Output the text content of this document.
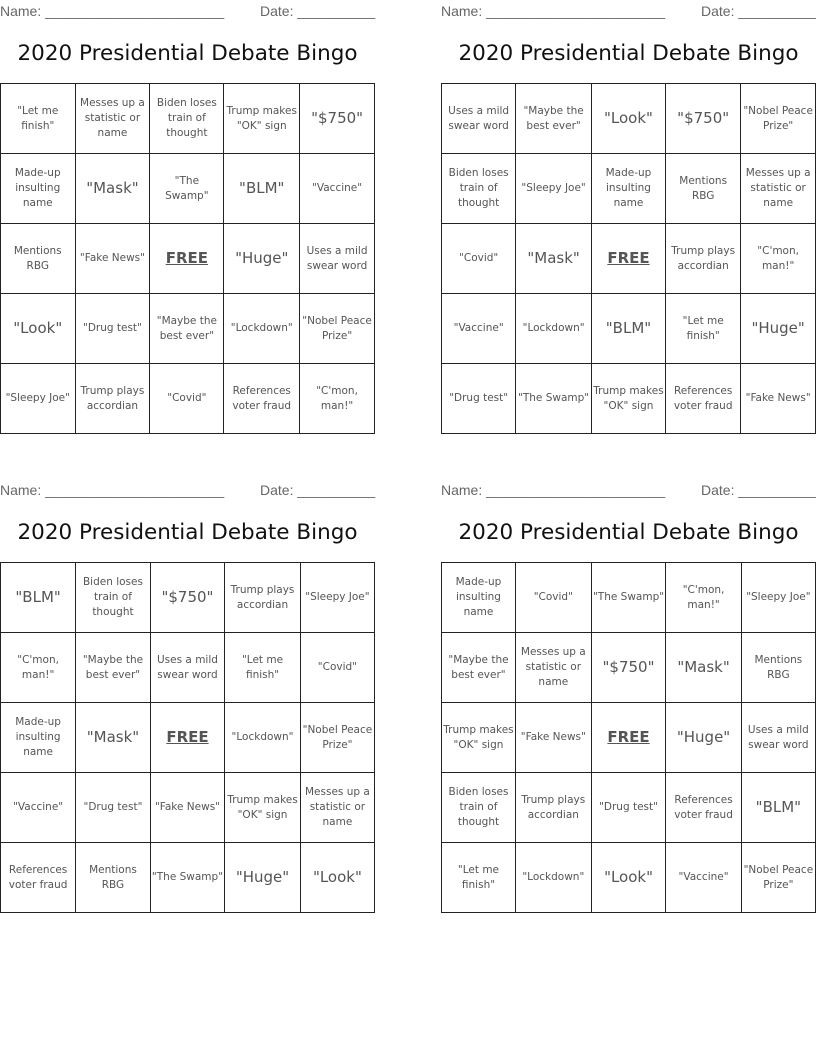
Name: _______________________	Date: __________
2020 Presidential Debate Bingo
"Let me finish"	Messes up a statistic or name	Biden loses train of thought	Trump makes "OK" sign	"$750"
Made-up insulting name	"Mask"	"The Swamp"	"BLM"	"Vaccine"
Mentions RBG	"Fake News"	FREE	"Huge"	Uses a mild swear word
"Look"	"Drug test"	"Maybe the best ever"	"Lockdown"	"Nobel Peace Prize"
"Sleepy Joe"	Trump plays accordian	"Covid"	References voter fraud	"C'mon, man!"
Name: _______________________	Date: __________
2020 Presidential Debate Bingo
Uses a mild swear word	"Maybe the best ever"	"Look"	"$750"	"Nobel Peace Prize"
Biden loses train of thought	"Sleepy Joe"	Made-up insulting name	Mentions RBG	Messes up a statistic or name
"Covid"	"Mask"	FREE	Trump plays accordian	"C'mon, man!"
"Vaccine"	"Lockdown"	"BLM"	"Let me finish"	"Huge"
"Drug test"	"The Swamp"	Trump makes "OK" sign	References voter fraud	"Fake News"
Name: _______________________	Date: __________
2020 Presidential Debate Bingo
"BLM"	Biden loses train of thought	"$750"	Trump plays accordian	"Sleepy Joe"
"C'mon, man!"	"Maybe the best ever"	Uses a mild swear word	"Let me finish"	"Covid"
Made-up insulting name	"Mask"	FREE	"Lockdown"	"Nobel Peace Prize"
"Vaccine"	"Drug test"	"Fake News"	Trump makes "OK" sign	Messes up a statistic or name
References voter fraud	Mentions RBG	"The Swamp"	"Huge"	"Look"
Name: _______________________	Date: __________
2020 Presidential Debate Bingo
Made-up insulting name	"Covid"	"The Swamp"	"C'mon, man!"	"Sleepy Joe"
"Maybe the best ever"	Messes up a statistic or name	"$750"	"Mask"	Mentions RBG
Trump makes "OK" sign	"Fake News"	FREE	"Huge"	Uses a mild swear word
Biden loses train of thought	Trump plays accordian	"Drug test"	References voter fraud	"BLM"
"Let me finish"	"Lockdown"	"Look"	"Vaccine"	"Nobel Peace Prize"
